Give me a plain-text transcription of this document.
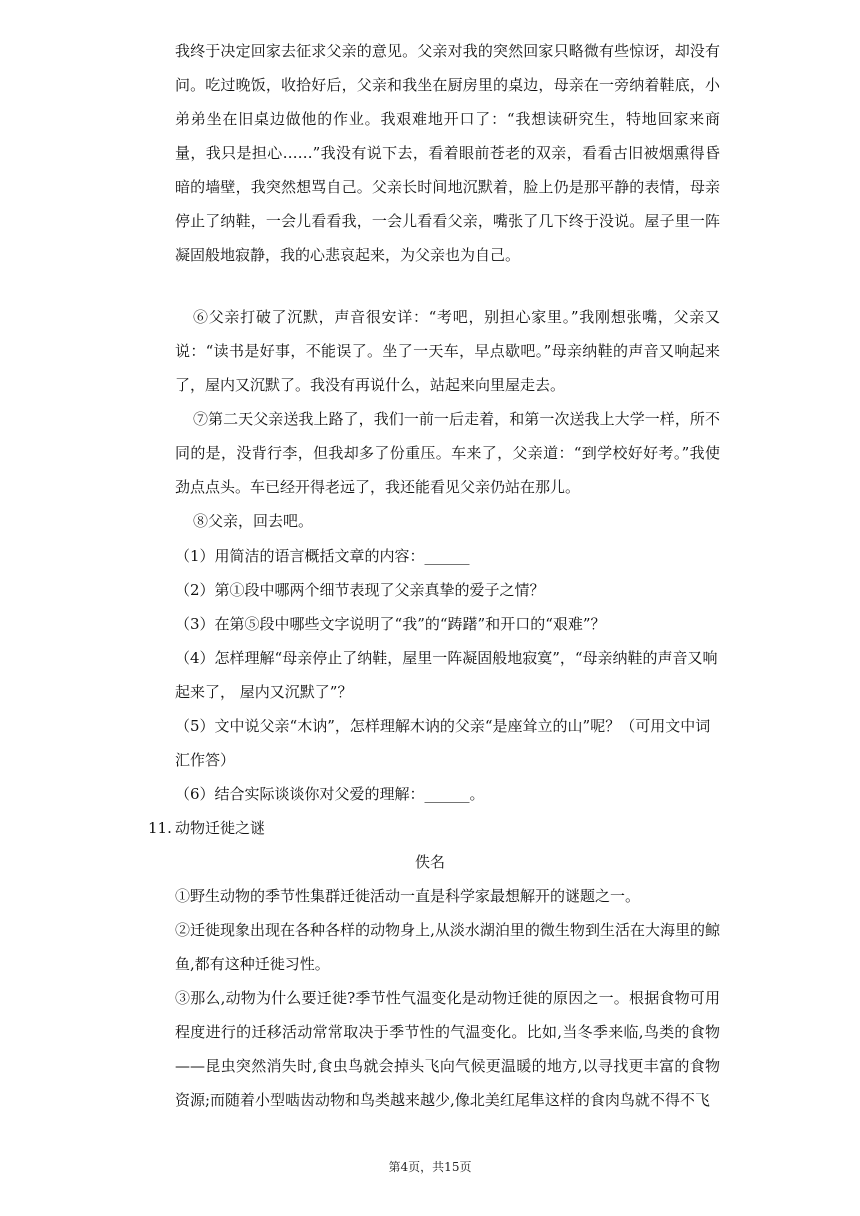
我终于决定回家去征求父亲的意见。父亲对我的突然回家只略微有些惊讶，却没有问。吃过晚饭，收拾好后，父亲和我坐在厨房里的桌边，母亲在一旁纳着鞋底，小弟弟坐在旧桌边做他的作业。我艰难地开口了：“我想读研究生，特地回家来商量，我只是担心……”我没有说下去，看着眼前苍老的双亲，看看古旧被烟熏得昏暗的墙壁，我突然想骂自己。父亲长时间地沉默着，脸上仍是那平静的表情，母亲停止了纳鞋，一会儿看看我，一会儿看看父亲，嘴张了几下终于没说。屋子里一阵凝固般地寂静，我的心悲哀起来，为父亲也为自己。
⑥父亲打破了沉默，声音很安详：“考吧，别担心家里。”我刚想张嘴，父亲又说：“读书是好事，不能误了。坐了一天车，早点歇吧。”母亲纳鞋的声音又响起来了，屋内又沉默了。我没有再说什么，站起来向里屋走去。
⑦第二天父亲送我上路了，我们一前一后走着，和第一次送我上大学一样，所不同的是，没背行李，但我却多了份重压。车来了，父亲道：“到学校好好考。”我使劲点点头。车已经开得老远了，我还能看见父亲仍站在那儿。
⑧父亲，回去吧。
（1）用简洁的语言概括文章的内容：______
（2）第①段中哪两个细节表现了父亲真挚的爱子之情？
（3）在第⑤段中哪些文字说明了“我”的“踌躇”和开口的“艰难”？
（4）怎样理解“母亲停止了纳鞋，屋里一阵凝固般地寂寞”，“母亲纳鞋的声音又响起来了， 屋内又沉默了”？
（5）文中说父亲“木讷”，怎样理解木讷的父亲“是座耸立的山”呢？（可用文中词汇作答）
（6）结合实际谈谈你对父爱的理解：______。
11. 动物迁徙之谜
佚名
①野生动物的季节性集群迁徙活动一直是科学家最想解开的谜题之一。
②迁徙现象出现在各种各样的动物身上,从淡水湖泊里的微生物到生活在大海里的鲸鱼,都有这种迁徙习性。
③那么,动物为什么要迁徙?季节性气温变化是动物迁徙的原因之一。根据食物可用程度进行的迁移活动常常取决于季节性的气温变化。比如,当冬季来临,鸟类的食物——昆虫突然消失时,食虫鸟就会掉头飞向气候更温暖的地方,以寻找更丰富的食物资源;而随着小型啮齿动物和鸟类越来越少,像北美红尾隼这样的食肉鸟就不得不飞
第4页，共15页
